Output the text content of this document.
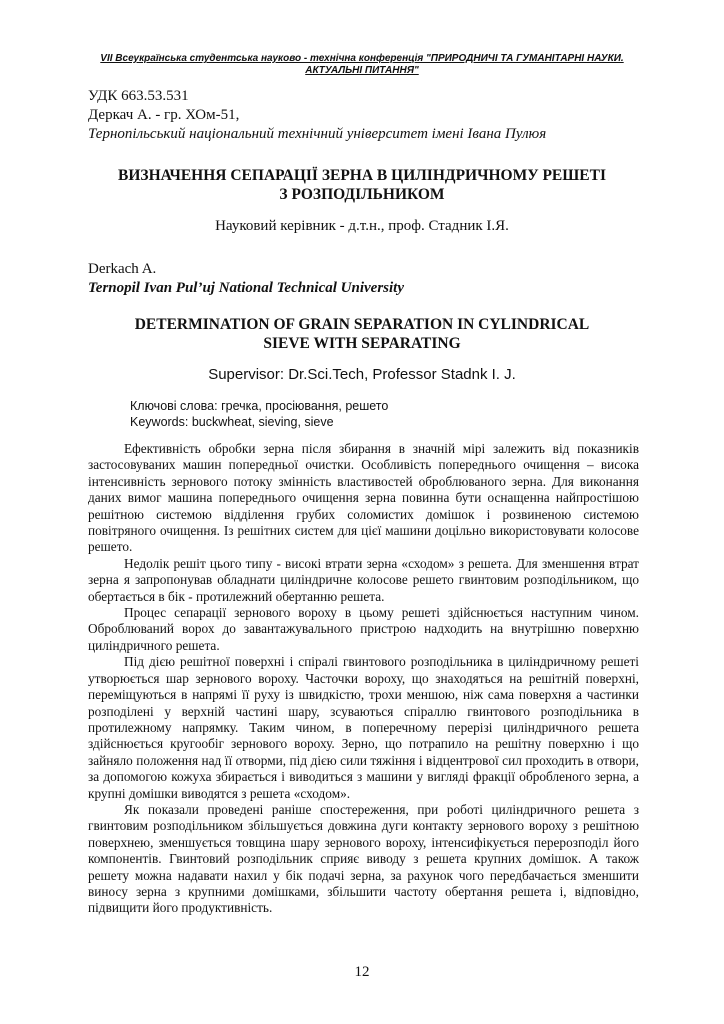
VII Всеукраїнська студентська науково - технічна конференція "ПРИРОДНИЧІ ТА ГУМАНІТАРНІ НАУКИ.
АКТУАЛЬНІ ПИТАННЯ"
УДК 663.53.531
Деркач А. - гр. ХОм-51,
Тернопільський національний технічний університет імені Івана Пулюя
ВИЗНАЧЕННЯ СЕПАРАЦІЇ ЗЕРНА В ЦИЛІНДРИЧНОМУ РЕШЕТІ
З РОЗПОДІЛЬНИКОМ
Науковий керівник - д.т.н., проф. Стадник І.Я.
Derkach A.
Ternopil Ivan Pul’uj National Technical University
DETERMINATION OF GRAIN SEPARATION IN CYLINDRICAL
SIEVE WITH SEPARATING
Supervisor: Dr.Sci.Tech, Professor Stadnk I. J.
Ключові слова: гречка, просіювання, решето
Keywords: buckwheat, sieving, sieve

Ефективність обробки зерна після збирання в значній мірі залежить від показників застосовуваних машин попередньої очистки. Особливість попереднього очищення – висока інтенсивність зернового потоку змінність властивостей оброблюваного зерна. Для виконання даних вимог машина попереднього очищення зерна повинна бути оснащенна найпростішою решітною системою відділення грубих соломистих домішок і розвиненою системою повітряного очищення. Із решітних систем для цієї машини доцільно використовувати колосове решето.

Недолік решіт цього типу - високі втрати зерна «сходом» з решета. Для зменшення втрат зерна я запропонував обладнати циліндричне колосове решето гвинтовим розподільником, що обертається в бік - протилежний обертанню решета.

Процес сепарації зернового вороху в цьому решеті здійснюється наступним чином. Оброблюваний ворох до завантажувального пристрою надходить на внутрішню поверхню циліндричного решета.

Під дією решітної поверхні і спіралі гвинтового розподільника в циліндричному решеті утворюється шар зернового вороху. Часточки вороху, що знаходяться на решітній поверхні, переміщуються в напрямі її руху із швидкістю, трохи меншою, ніж сама поверхня а частинки розподілені у верхній частині шару, зсуваються спіраллю гвинтового розподільника в протилежному напрямку. Таким чином, в поперечному перерізі циліндричного решета здійснюється кругообіг зернового вороху. Зерно, що потрапило на решітну поверхню і що зайняло положення над її отворми, під дією сили тяжіння і відцентрової сил проходить в отвори, за допомогою кожуха збирається і виводиться з машини у вигляді фракції обробленого зерна, а крупні домішки виводятся з решета «сходом».

Як показали проведені раніше спостереження, при роботі циліндричного решета з гвинтовим розподільником збільшується довжина дуги контакту зернового вороху з решітною поверхнею, зменшується товщина шару зернового вороху, інтенсифікується перерозподіл його компонентів. Гвинтовий розподільник сприяє виводу з решета крупних домішок. А також решету можна надавати нахил у бік подачі зерна, за рахунок чого передбачається зменшити виносу зерна з крупними домішками, збільшити частоту обертання решета і, відповідно, підвищити його продуктивність.

12
